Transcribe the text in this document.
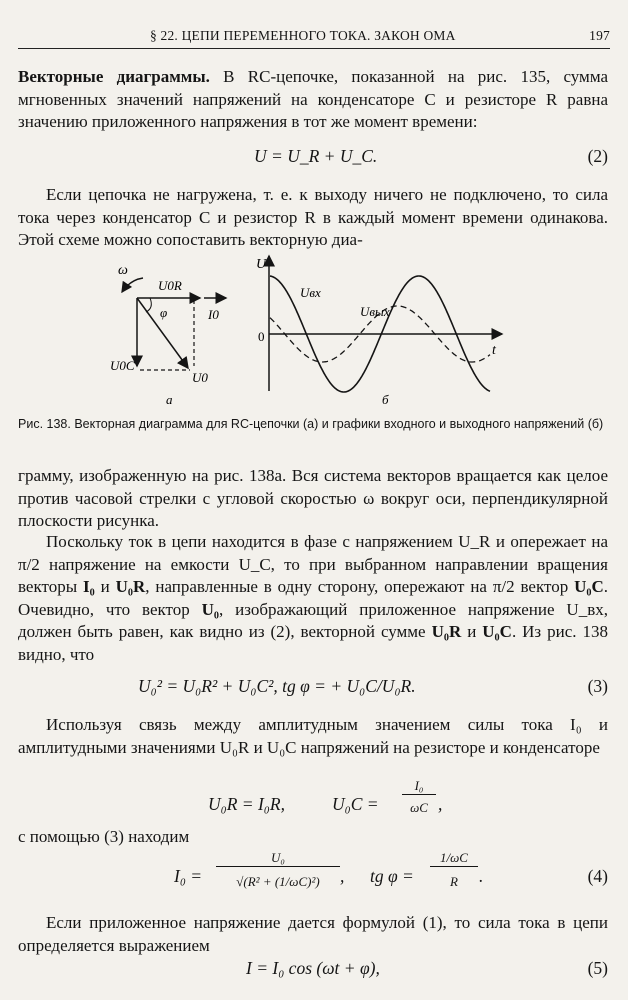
§ 22. ЦЕПИ ПЕРЕМЕННОГО ТОКА. ЗАКОН ОМА	197
Векторные диаграммы. В RC-цепочке, показанной на рис. 135, сумма мгновенных значений напряжений на конденсаторе C и резисторе R равна значению приложенного напряжения в тот же момент времени:
U = U_R + U_C.	(2)
Если цепочка не нагружена, т. е. к выходу ничего не подключено, то сила тока через конденсатор C и резистор R в каждый момент времени одинакова. Этой схеме можно сопоставить векторную диа-
ω
U0R
φ	I0
U0C
U0
а
U
0
t
Uвх
Uвых
б
Рис. 138. Векторная диаграмма для RC-цепочки (а) и графики входного и выходного напряжений (б)
грамму, изображенную на рис. 138а. Вся система векторов вращается как целое против часовой стрелки с угловой скоростью ω вокруг оси, перпендикулярной плоскости рисунка.
Поскольку ток в цепи находится в фазе с напряжением U_R и опережает на π/2 напряжение на емкости U_C, то при выбранном направлении вращения векторы I₀ и U₀R, направленные в одну сторону, опережают на π/2 вектор U₀C. Очевидно, что вектор U₀, изображающий приложенное напряжение U_вх, должен быть равен, как видно из (2), векторной сумме U₀R и U₀C. Из рис. 138 видно, что
U₀² = U₀R² + U₀C², tg φ = + U₀C/U₀R.	(3)
Используя связь между амплитудным значением силы тока I₀ и амплитудными значениями U₀R и U₀C напряжений на резисторе и конденсаторе
U₀R = I₀R,	U₀C =
I₀
ωC ,
с помощью (3) находим
I₀ =
U₀
√(R² + (1/ωC)²)	, tg φ =
1/ωC
R	.	(4)
Если приложенное напряжение дается формулой (1), то сила тока в цепи определяется выражением
I = I₀ cos (ωt + φ),	(5)
